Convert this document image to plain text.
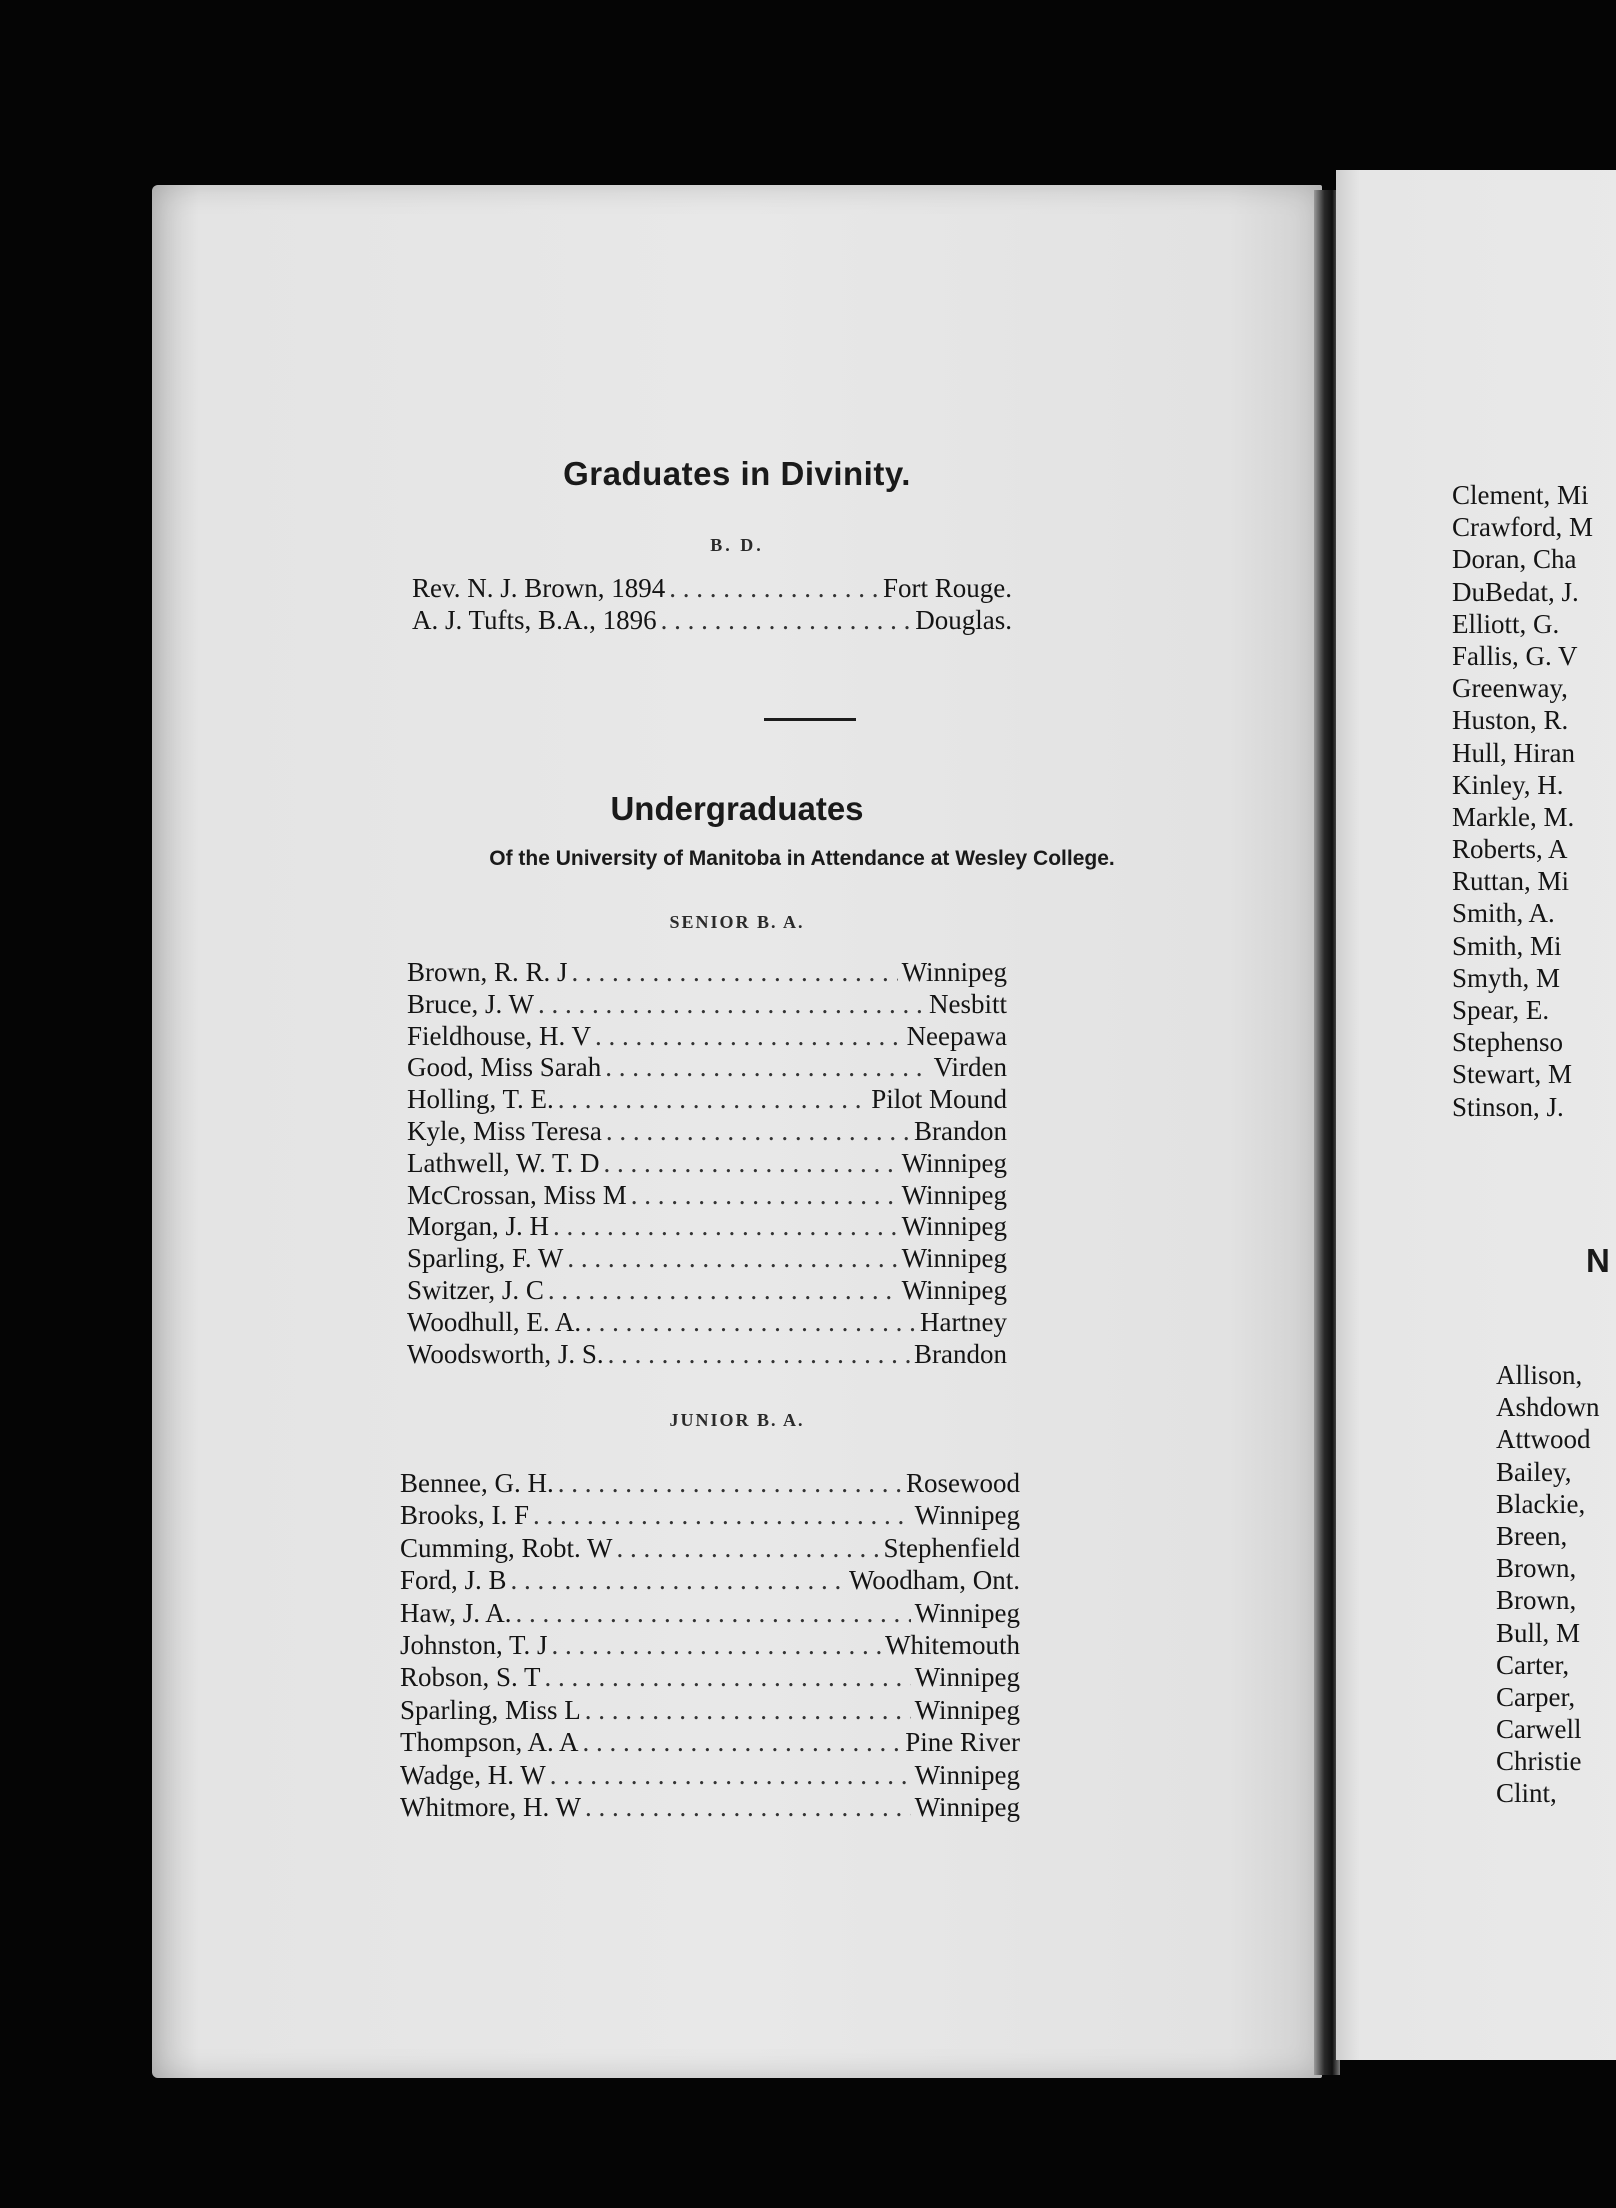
Graduates in Divinity.
B. D.
Rev. N. J. Brown, 1894 . . .	Fort Rouge.
A. J. Tufts, B.A., 1896 . . .	Douglas.
Undergraduates
Of the University of Manitoba in Attendance at Wesley College.
SENIOR B. A.
Brown, R. R. J . . .	Winnipeg
Bruce, J. W . . .	Nesbitt
Fieldhouse, H. V . . .	Neepawa
Good, Miss Sarah . . .	Virden
Holling, T. E. . . .	Pilot Mound
Kyle, Miss Teresa . . .	Brandon
Lathwell, W. T. D . . .	Winnipeg
McCrossan, Miss M . . .	Winnipeg
Morgan, J. H . . .	Winnipeg
Sparling, F. W . . .	Winnipeg
Switzer, J. C . . .	Winnipeg
Woodhull, E. A. . . .	Hartney
Woodsworth, J. S. . . .	Brandon
JUNIOR B. A.
Bennee, G. H. . . .	Rosewood
Brooks, I. F . . .	Winnipeg
Cumming, Robt. W . . .	Stephenfield
Ford, J. B . . .	Woodham, Ont.
Haw, J. A. . . .	Winnipeg
Johnston, T. J . . .	Whitemouth
Robson, S. T . . .	Winnipeg
Sparling, Miss L . . .	Winnipeg
Thompson, A. A . . .	Pine River
Wadge, H. W . . .	Winnipeg
Whitmore, H. W . . .	Winnipeg
Clement, Mi
Crawford, M
Doran, Cha
DuBedat, J.
Elliott, G.
Fallis, G. V
Greenway,
Huston, R.
Hull, Hiran
Kinley, H.
Markle, M.
Roberts, A
Ruttan, Mi
Smith, A.
Smith, Mi
Smyth, M
Spear, E.
Stephenso
Stewart, M
Stinson, J.
N
Allison,
Ashdown
Attwood
Bailey,
Blackie,
Breen,
Brown,
Brown,
Bull, M
Carter,
Carper,
Carwell
Christie
Clint,
